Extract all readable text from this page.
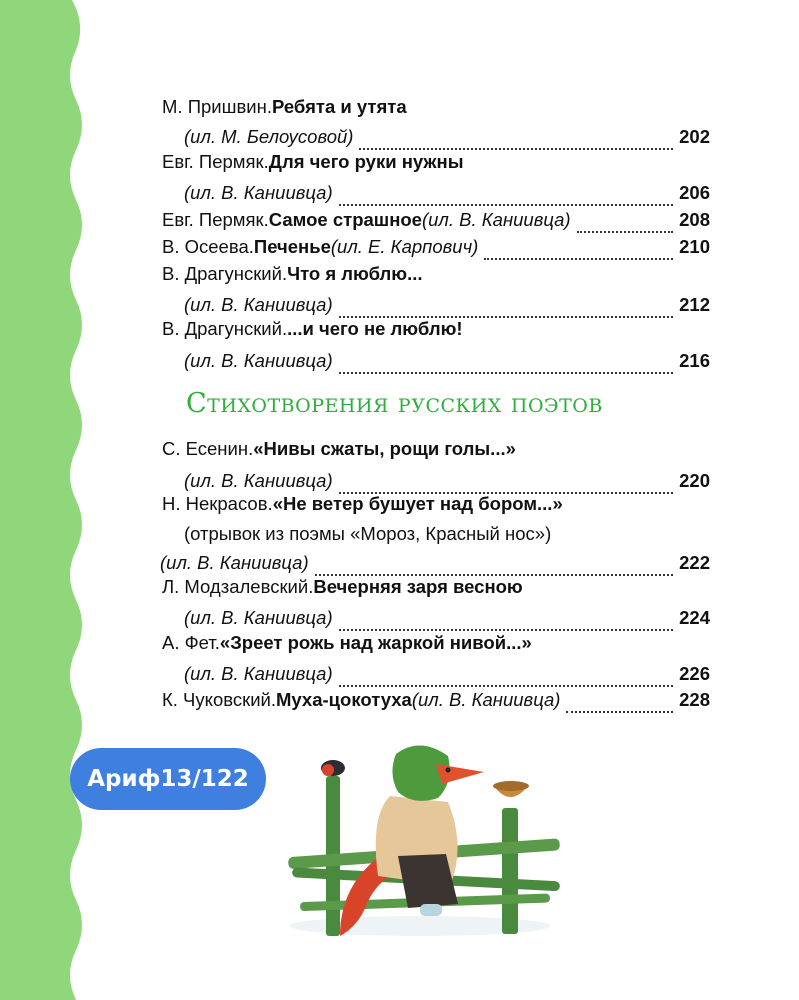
М. Пришвин. Ребята и утята
(ил. М. Белоусовой)	202
Евг. Пермяк. Для чего руки нужны
(ил. В. Каниивца)	206
Евг. Пермяк. Самое страшное (ил. В. Каниивца)	208
В. Осеева. Печенье (ил. Е. Карпович)	210
В. Драгунский. Что я люблю...
(ил. В. Каниивца)	212
В. Драгунский. ...и чего не люблю!
(ил. В. Каниивца)	216
С. Есенин. «Нивы сжаты, рощи голы...»
(ил. В. Каниивца)	220
Н. Некрасов. «Не ветер бушует над бором...»
(отрывок из поэмы «Мороз, Красный нос»)
(ил. В. Каниивца)	222
Л. Модзалевский. Вечерняя заря весною
(ил. В. Каниивца)	224
А. Фет. «Зреет рожь над жаркой нивой...»
(ил. В. Каниивца)	226
К. Чуковский. Муха-цокотуха (ил. В. Каниивца)	228
Стихотворения русских поэтов
Ариф13/122
